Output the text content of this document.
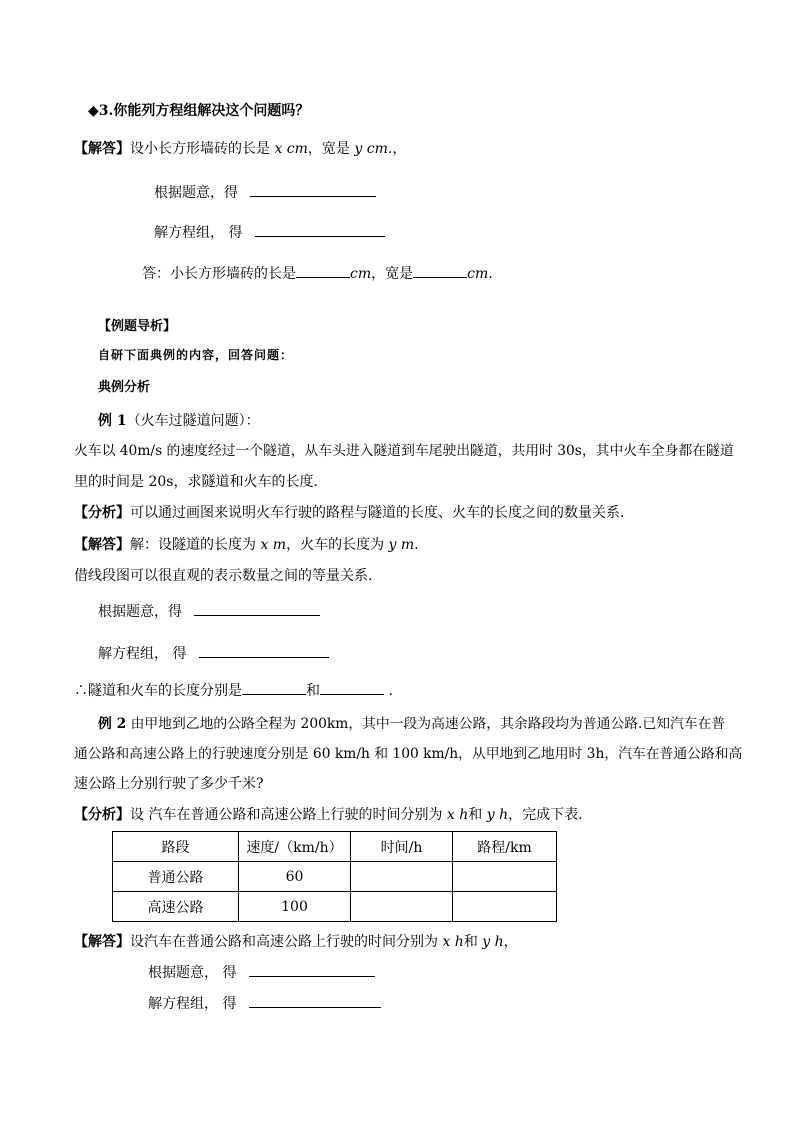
◆3.你能列方程组解决这个问题吗？
【解答】设小长方形墙砖的长是 x cm，宽是 y cm.，
根据题意，得
解方程组， 得
答：小长方形墙砖的长是	cm，宽是	cm.
【例题导析】
自研下面典例的内容，回答问题：
典例分析
例 1（火车过隧道问题）：
火车以 40m/s 的速度经过一个隧道，从车头进入隧道到车尾驶出隧道，共用时 30s，其中火车全身都在隧道
里的时间是 20s，求隧道和火车的长度.
【分析】可以通过画图来说明火车行驶的路程与隧道的长度、火车的长度之间的数量关系.
【解答】解：设隧道的长度为 x m，火车的长度为 y m.
借线段图可以很直观的表示数量之间的等量关系.
根据题意，得
解方程组， 得
∴隧道和火车的长度分别是	和	.
例 2 由甲地到乙地的公路全程为 200km，其中一段为高速公路，其余路段均为普通公路.已知汽车在普
通公路和高速公路上的行驶速度分别是 60 km/h 和 100 km/h，从甲地到乙地用时 3h，汽车在普通公路和高
速公路上分别行驶了多少千米?
【分析】设 汽车在普通公路和高速公路上行驶的时间分别为 x h和 y h，完成下表.
路段	速度/（km/h）	时间/h	路程/km
普通公路	60		
高速公路	100		
【解答】设汽车在普通公路和高速公路上行驶的时间分别为 x h和 y h，
根据题意， 得
解方程组， 得
